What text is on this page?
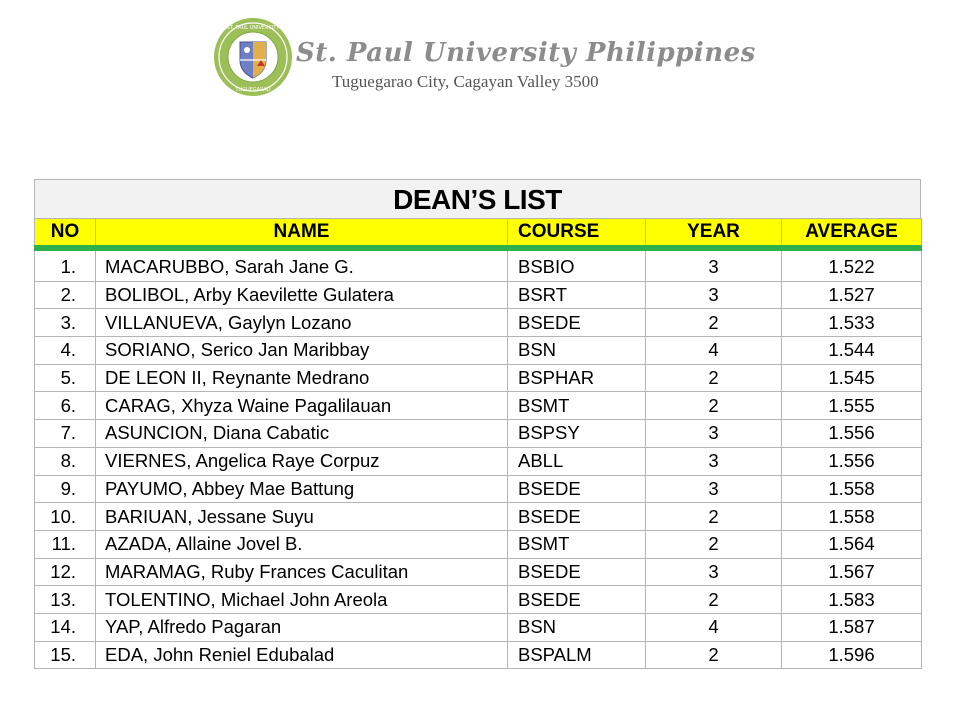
ST. PAUL UNIVERSITY
TUGUEGARAO
St. Paul University Philippines
Tuguegarao City, Cagayan Valley 3500
DEAN’S LIST
NO	NAME	COURSE	YEAR	AVERAGE
1.	MACARUBBO, Sarah Jane G.	BSBIO	3	1.522
2.	BOLIBOL, Arby Kaevilette Gulatera	BSRT	3	1.527
3.	VILLANUEVA, Gaylyn Lozano	BSEDE	2	1.533
4.	SORIANO, Serico Jan Maribbay	BSN	4	1.544
5.	DE LEON II, Reynante Medrano	BSPHAR	2	1.545
6.	CARAG, Xhyza Waine Pagalilauan	BSMT	2	1.555
7.	ASUNCION, Diana Cabatic	BSPSY	3	1.556
8.	VIERNES, Angelica Raye Corpuz	ABLL	3	1.556
9.	PAYUMO, Abbey Mae Battung	BSEDE	3	1.558
10.	BARIUAN, Jessane Suyu	BSEDE	2	1.558
11.	AZADA, Allaine Jovel B.	BSMT	2	1.564
12.	MARAMAG, Ruby Frances Caculitan	BSEDE	3	1.567
13.	TOLENTINO, Michael John Areola	BSEDE	2	1.583
14.	YAP, Alfredo Pagaran	BSN	4	1.587
15.	EDA, John Reniel Edubalad	BSPALM	2	1.596
